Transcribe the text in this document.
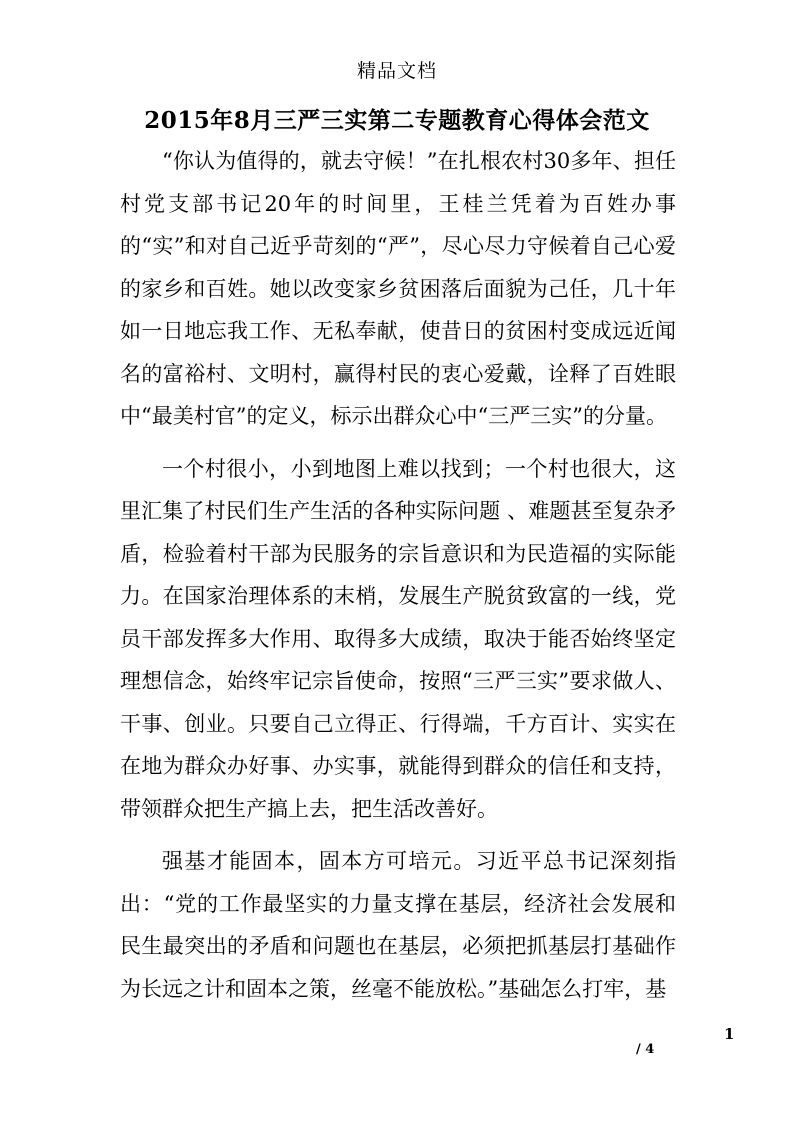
精品文档
2015年8月三严三实第二专题教育心得体会范文

“你认为值得的，就去守候！”在扎根农村30多年、担任村党支部书记20年的时间里，王桂兰凭着为百姓办事的“实”和对自己近乎苛刻的“严”，尽心尽力守候着自己心爱的家乡和百姓。她以改变家乡贫困落后面貌为己任，几十年如一日地忘我工作、无私奉献，使昔日的贫困村变成远近闻名的富裕村、文明村，赢得村民的衷心爱戴，诠释了百姓眼中“最美村官”的定义，标示出群众心中“三严三实”的分量。

一个村很小，小到地图上难以找到；一个村也很大，这里汇集了村民们生产生活的各种实际问题 、难题甚至复杂矛盾，检验着村干部为民服务的宗旨意识和为民造福的实际能力。在国家治理体系的末梢，发展生产脱贫致富的一线，党员干部发挥多大作用、取得多大成绩，取决于能否始终坚定理想信念，始终牢记宗旨使命，按照“三严三实”要求做人、干事、创业。只要自己立得正、行得端，千方百计、实实在在地为群众办好事、办实事，就能得到群众的信任和支持，带领群众把生产搞上去，把生活改善好。

强基才能固本，固本方可培元。习近平总书记深刻指出：“党的工作最坚实的力量支撑在基层，经济社会发展和民生最突出的矛盾和问题也在基层，必须把抓基层打基础作为长远之计和固本之策，丝毫不能放松。”基础怎么打牢，基

1
/ 4
